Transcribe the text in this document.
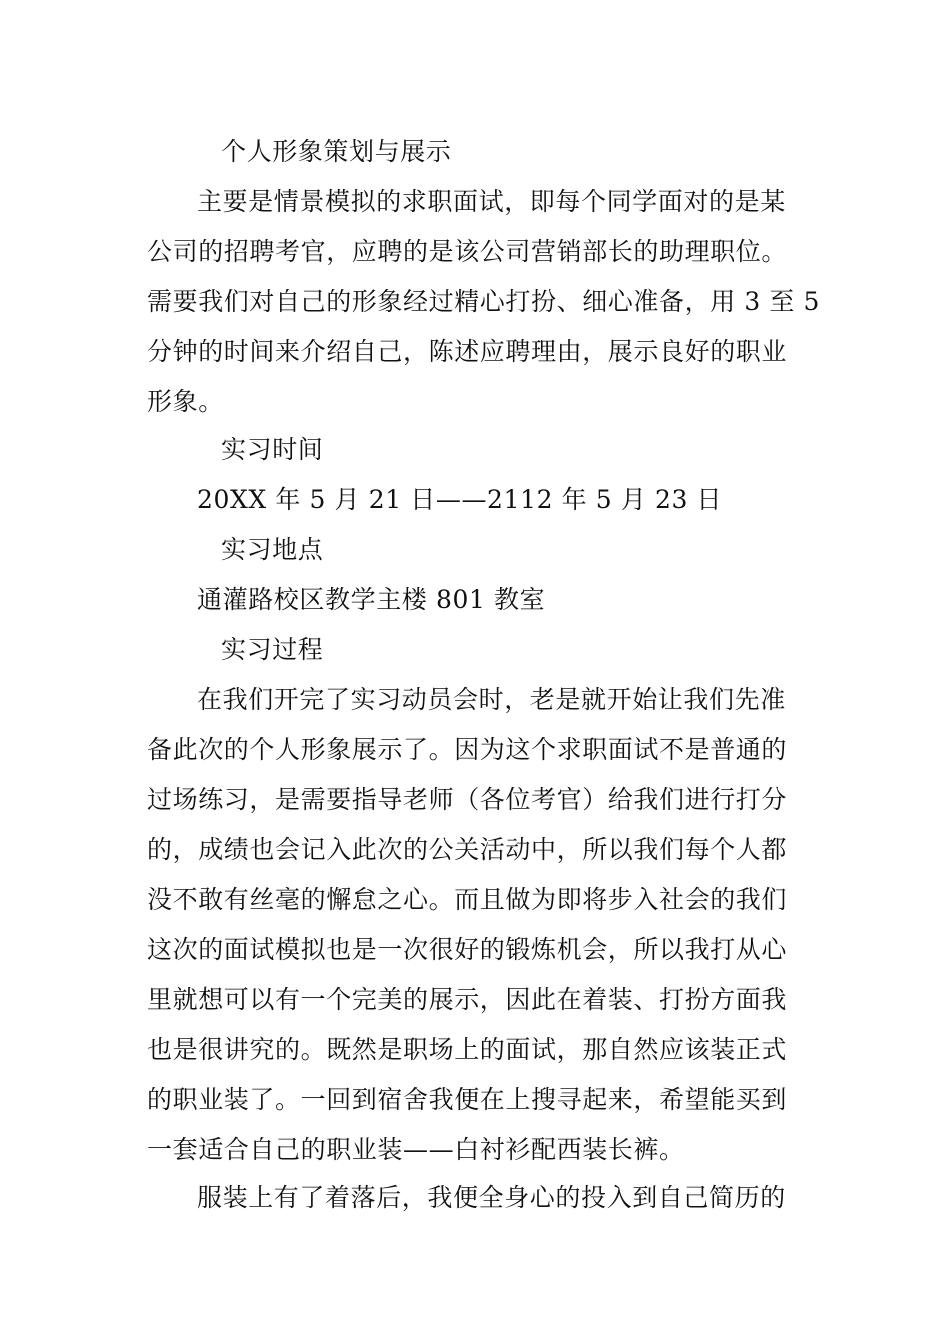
个人形象策划与展示
主要是情景模拟的求职面试，即每个同学面对的是某
公司的招聘考官，应聘的是该公司营销部长的助理职位。
需要我们对自己的形象经过精心打扮、细心准备，用 3 至 5
分钟的时间来介绍自己，陈述应聘理由，展示良好的职业
形象。
实习时间
20XX 年 5 月 21 日——2112 年 5 月 23 日
实习地点
通灌路校区教学主楼 801 教室
实习过程
在我们开完了实习动员会时，老是就开始让我们先准
备此次的个人形象展示了。因为这个求职面试不是普通的
过场练习，是需要指导老师（各位考官）给我们进行打分
的，成绩也会记入此次的公关活动中，所以我们每个人都
没不敢有丝毫的懈怠之心。而且做为即将步入社会的我们
这次的面试模拟也是一次很好的锻炼机会，所以我打从心
里就想可以有一个完美的展示，因此在着装、打扮方面我
也是很讲究的。既然是职场上的面试，那自然应该装正式
的职业装了。一回到宿舍我便在上搜寻起来，希望能买到
一套适合自己的职业装——白衬衫配西装长裤。
服装上有了着落后，我便全身心的投入到自己简历的
